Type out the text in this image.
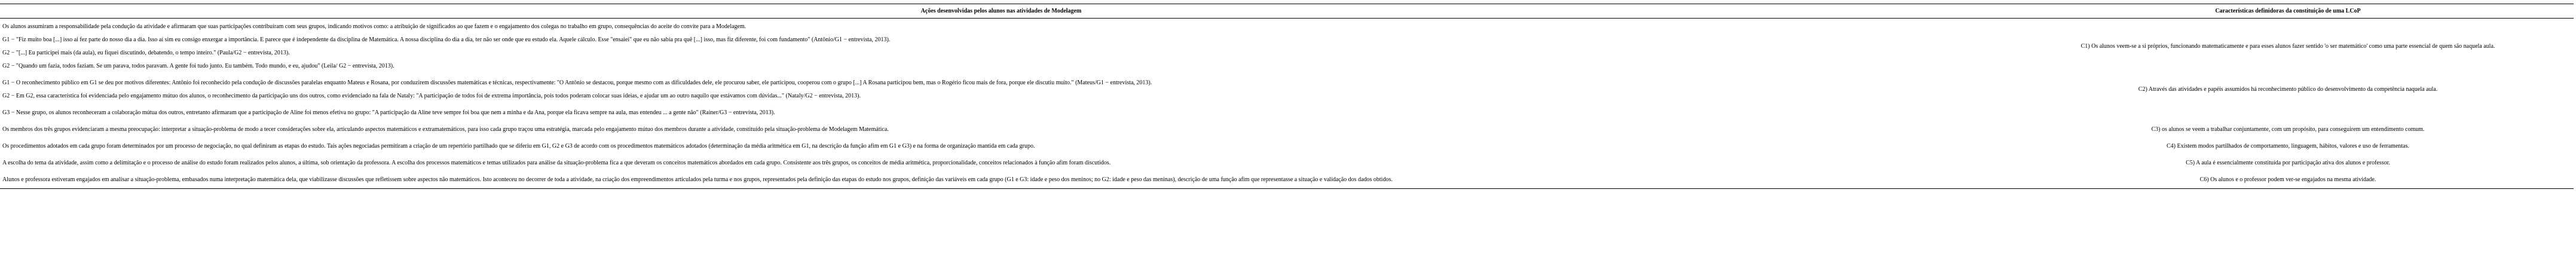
Ações desenvolvidas pelos alunos nas atividades de Modelagem	Características definidoras da constituição de uma LCoP

Os alunos assumiram a responsabilidade pela condução da atividade e afirmaram que suas participações contribuíram com seus grupos, indicando motivos como: a atribuição de significados ao que fazem e o engajamento dos colegas no trabalho em grupo, consequências do aceite do convite para a Modelagem.
G1 − "Fiz muito boa [...] isso ai fez parte do nosso dia a dia. Isso aí sim eu consigo enxergar a importância. E parece que é independente da disciplina de Matemática. A nossa disciplina do dia a dia, ter não ser onde que eu estudo ela. Aquele cálculo. Esse "ensaiei" que eu não sabia pra quê [...] isso, mas fiz diferente, foi com fundamento" (Antônio/G1 − entrevista, 2013).
G2 − "[...] Eu participei mais (da aula), eu fiquei discutindo, debatendo, o tempo inteiro." (Paula/G2 − entrevista, 2013).
G2 − "Quando um fazia, todos faziam. Se um parava, todos paravam. A gente foi tudo junto. Eu também. Todo mundo, e eu, ajudou" (Leila/ G2 − entrevista, 2013).	C1) Os alunos veem-se a si próprios, funcionando matematicamente e para esses alunos fazer sentido 'o ser matemático' como uma parte essencial de quem são naquela aula.

G1 − O reconhecimento público em G1 se deu por motivos diferentes: Antônio foi reconhecido pela condução de discussões paralelas enquanto Mateus e Rosana, por conduzirem discussões matemáticas e técnicas, respectivamente: "O Antônio se destacou, porque mesmo com as dificuldades dele, ele procurou saber, ele participou, cooperou com o grupo [...] A Rosana participou bem, mas o Rogério ficou mais de fora, porque ele discutiu muito." (Mateus/G1 − entrevista, 2013).
G2 − Em G2, essa característica foi evidenciada pelo engajamento mútuo dos alunos, o reconhecimento da participação uns dos outros, como evidenciado na fala de Nataly: "A participação de todos foi de extrema importância, pois todos poderam colocar suas ideias, e ajudar um ao outro naquilo que estávamos com dúvidas..." (Nataly/G2 − entrevista, 2013).	C2) Através das atividades e papéis assumidos há reconhecimento público do desenvolvimento da competência naquela aula.

G3 − Nesse grupo, os alunos reconheceram a colaboração mútua dos outros, entretanto afirmaram que a participação de Aline foi menos efetiva no grupo: "A participação da Aline teve sempre foi boa que nem a minha e da Ana, porque ela ficava sempre na aula, mas entendeu ... a gente não" (Rainer/G3 − entrevista, 2013).	

Os membros dos três grupos evidenciaram a mesma preocupação: interpretar a situação-problema de modo a tecer considerações sobre ela, articulando aspectos matemáticos e extramatemáticos, para isso cada grupo traçou uma estratégia, marcada pelo engajamento mútuo dos membros durante a atividade, constituído pela situação-problema de Modelagem Matemática.	C3) os alunos se veem a trabalhar conjuntamente, com um propósito, para conseguirem um entendimento comum.

Os procedimentos adotados em cada grupo foram determinados por um processo de negociação, no qual definiram as etapas do estudo. Tais ações negociadas permitiram a criação de um repertório partilhado que se diferiu em G1, G2 e G3 de acordo com os procedimentos matemáticos adotados (determinação da média aritmética em G1, na descrição da função afim em G1 e G3) e na forma de organização mantida em cada grupo.	C4) Existem modos partilhados de comportamento, linguagem, hábitos, valores e uso de ferramentas.

A escolha do tema da atividade, assim como a delimitação e o processo de análise do estudo foram realizados pelos alunos, a última, sob orientação da professora. A escolha dos processos matemáticos e temas utilizados para análise da situação-problema fica a que deveram os conceitos matemáticos abordados em cada grupo. Consistente aos três grupos, os conceitos de média aritmética, proporcionalidade, conceitos relacionados à função afim foram discutidos.	C5) A aula é essencialmente constituída por participação ativa dos alunos e professor.

Alunos e professora estiveram engajados em analisar a situação-problema, embasados numa interpretação matemática dela, que viabilizasse discussões que refletissem sobre aspectos não matemáticos. Isto aconteceu no decorrer de toda a atividade, na criação dos empreendimentos articulados pela turma e nos grupos, representados pela definição das etapas do estudo nos grupos, definição das variáveis em cada grupo (G1 e G3: idade e peso dos meninos; no G2: idade e peso das meninas), descrição de uma função afim que representasse a situação e validação dos dados obtidos.	C6) Os alunos e o professor podem ver-se engajados na mesma atividade.
